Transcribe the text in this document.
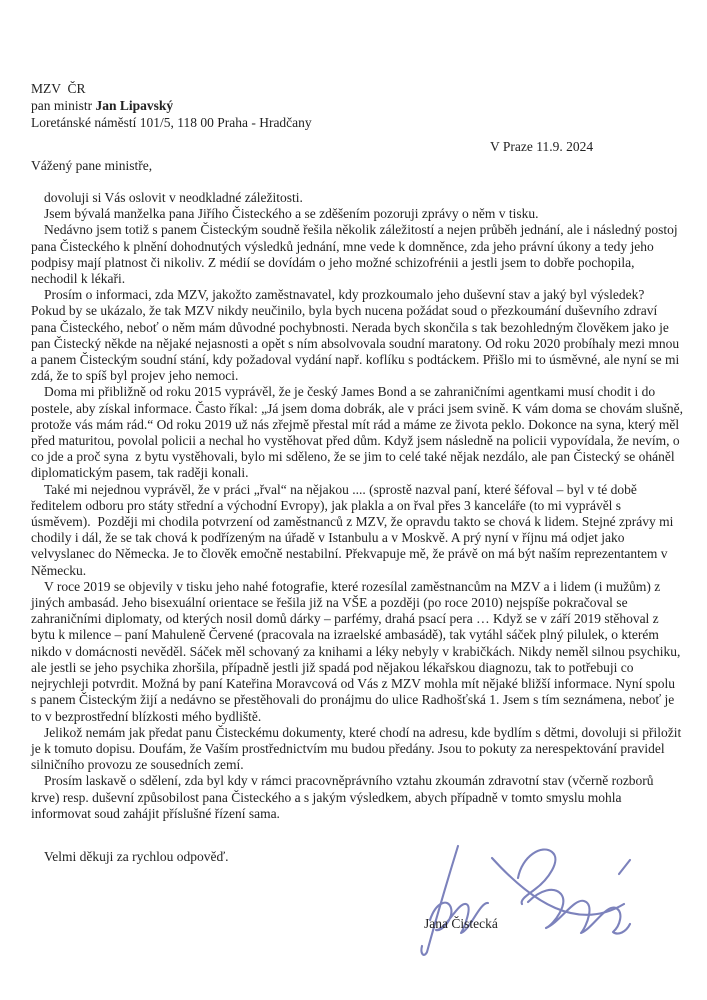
MZV  ČR
pan ministr Jan Lipavský
Loretánské náměstí 101/5, 118 00 Praha - Hradčany
V Praze 11.9. 2024
Vážený pane ministře,

dovoluji si Vás oslovit v neodkladné záležitosti.

Jsem bývalá manželka pana Jiřího Čisteckého a se zděšením pozoruji zprávy o něm v tisku.

Nedávno jsem totiž s panem Čisteckým soudně řešila několik záležitostí a nejen průběh jednání, ale i následný postoj pana Čisteckého k plnění dohodnutých výsledků jednání, mne vede k domněnce, zda jeho právní úkony a tedy jeho podpisy mají platnost či nikoliv. Z médií se dovídám o jeho možné schizofrénii a jestli jsem to dobře pochopila, nechodil k lékaři.

Prosím o informaci, zda MZV, jakožto zaměstnavatel, kdy prozkoumalo jeho duševní stav a jaký byl výsledek?  Pokud by se ukázalo, že tak MZV nikdy neučinilo, byla bych nucena požádat soud o přezkoumání duševního zdraví pana Čisteckého, neboť o něm mám důvodné pochybnosti. Nerada bych skončila s tak bezohledným člověkem jako je pan Čistecký někde na nějaké nejasnosti a opět s ním absolvovala soudní maratony. Od roku 2020 probíhaly mezi mnou a panem Čisteckým soudní stání, kdy požadoval vydání např. koflíku s podtáckem. Přišlo mi to úsměvné, ale nyní se mi zdá, že to spíš byl projev jeho nemoci.

Doma mi přibližně od roku 2015 vyprávěl, že je český James Bond a se zahraničními agentkami musí chodit i do postele, aby získal informace. Často říkal: „Já jsem doma dobrák, ale v práci jsem svině. K vám doma se chovám slušně, protože vás mám rád.“ Od roku 2019 už nás zřejmě přestal mít rád a máme ze života peklo. Dokonce na syna, který měl před maturitou, povolal policii a nechal ho vystěhovat před dům. Když jsem následně na policii vypovídala, že nevím, o co jde a proč syna  z bytu vystěhovali, bylo mi sděleno, že se jim to celé také nějak nezdálo, ale pan Čistecký se oháněl diplomatickým pasem, tak raději konali.

Také mi nejednou vyprávěl, že v práci „řval“ na nějakou .... (sprostě nazval paní, které šéfoval – byl v té době ředitelem odboru pro státy střední a východní Evropy), jak plakla a on řval přes 3 kanceláře (to mi vyprávěl s úsměvem).  Později mi chodila potvrzení od zaměstnanců z MZV, že opravdu takto se chová k lidem. Stejné zprávy mi chodily i dál, že se tak chová k podřízeným na úřadě v Istanbulu a v Moskvě. A prý nyní v říjnu má odjet jako velvyslanec do Německa. Je to člověk emočně nestabilní. Překvapuje mě, že právě on má být naším reprezentantem v Německu.

V roce 2019 se objevily v tisku jeho nahé fotografie, které rozesílal zaměstnancům na MZV a i lidem (i mužům) z jiných ambasád. Jeho bisexuální orientace se řešila již na VŠE a později (po roce 2010) nejspíše pokračoval se zahraničními diplomaty, od kterých nosil domů dárky – parfémy, drahá psací pera … Když se v září 2019 stěhoval z bytu k milence – paní Mahuleně Červené (pracovala na izraelské ambasádě), tak vytáhl sáček plný pilulek, o kterém nikdo v domácnosti nevěděl. Sáček měl schovaný za knihami a léky nebyly v krabičkách. Nikdy neměl silnou psychiku, ale jestli se jeho psychika zhoršila, případně jestli již spadá pod nějakou lékařskou diagnozu, tak to potřebuji co nejrychleji potvrdit. Možná by paní Kateřina Moravcová od Vás z MZV mohla mít nějaké bližší informace. Nyní spolu s panem Čisteckým žijí a nedávno se přestěhovali do pronájmu do ulice Radhošťská 1. Jsem s tím seznámena, neboť je to v bezprostřední blízkosti mého bydliště.

Jelikož nemám jak předat panu Čisteckému dokumenty, které chodí na adresu, kde bydlím s dětmi, dovoluji si přiložit je k tomuto dopisu. Doufám, že Vaším prostřednictvím mu budou předány. Jsou to pokuty za nerespektování pravidel silničního provozu ze sousedních zemí.

Prosím laskavě o sdělení, zda byl kdy v rámci pracovněprávního vztahu zkoumán zdravotní stav (včerně rozborů krve) resp. duševní způsobilost pana Čisteckého a s jakým výsledkem, abych případně v tomto smyslu mohla informovat soud zahájit příslušné řízení sama.

Velmi děkuji za rychlou odpověď.
Jana Čistecká
